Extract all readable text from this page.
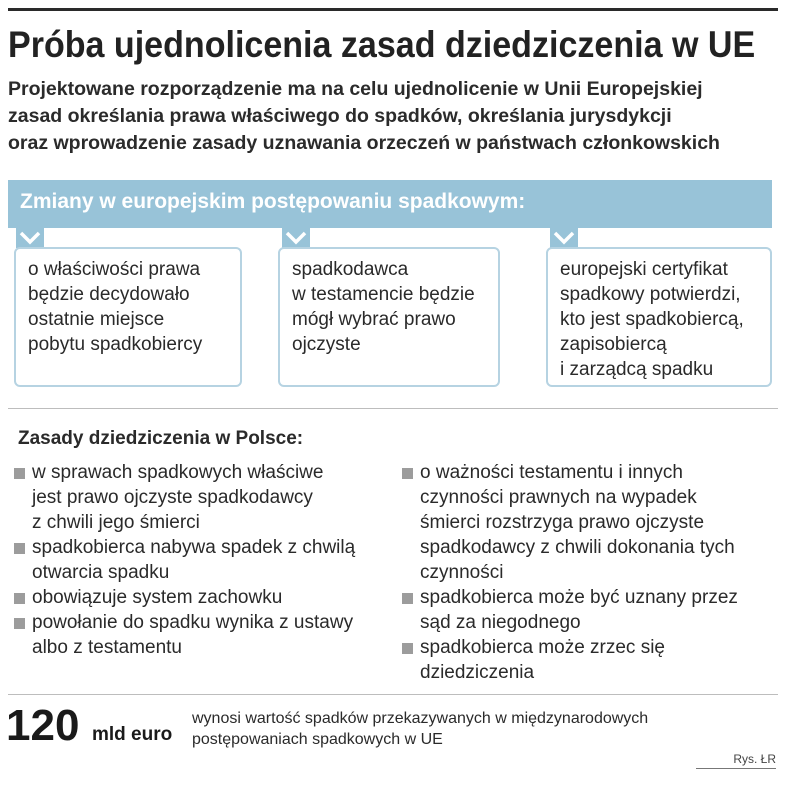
Próba ujednolicenia zasad dziedziczenia w UE
Projektowane rozporządzenie ma na celu ujednolicenie w Unii Europejskiej
zasad określania prawa właściwego do spadków, określania jurysdykcji
oraz wprowadzenie zasady uznawania orzeczeń w państwach członkowskich
Zmiany w europejskim postępowaniu spadkowym:
o właściwości prawa
będzie decydowało
ostatnie miejsce
pobytu spadkobiercy
spadkodawca
w testamencie będzie
mógł wybrać prawo
ojczyste
europejski certyfikat
spadkowy potwierdzi,
kto jest spadkobiercą,
zapisobiercą
i zarządcą spadku
Zasady dziedziczenia w Polsce:
w sprawach spadkowych właściwe
jest prawo ojczyste spadkodawcy
z chwili jego śmierci
spadkobierca nabywa spadek z chwilą
otwarcia spadku
obowiązuje system zachowku
powołanie do spadku wynika z ustawy
albo z testamentu
o ważności testamentu i innych
czynności prawnych na wypadek
śmierci rozstrzyga prawo ojczyste
spadkodawcy z chwili dokonania tych
czynności
spadkobierca może być uznany przez
sąd za niegodnego
spadkobierca może zrzec się
dziedziczenia
120 mld euro
wynosi wartość spadków przekazywanych w międzynarodowych
postępowaniach spadkowych w UE
Rys. ŁR
